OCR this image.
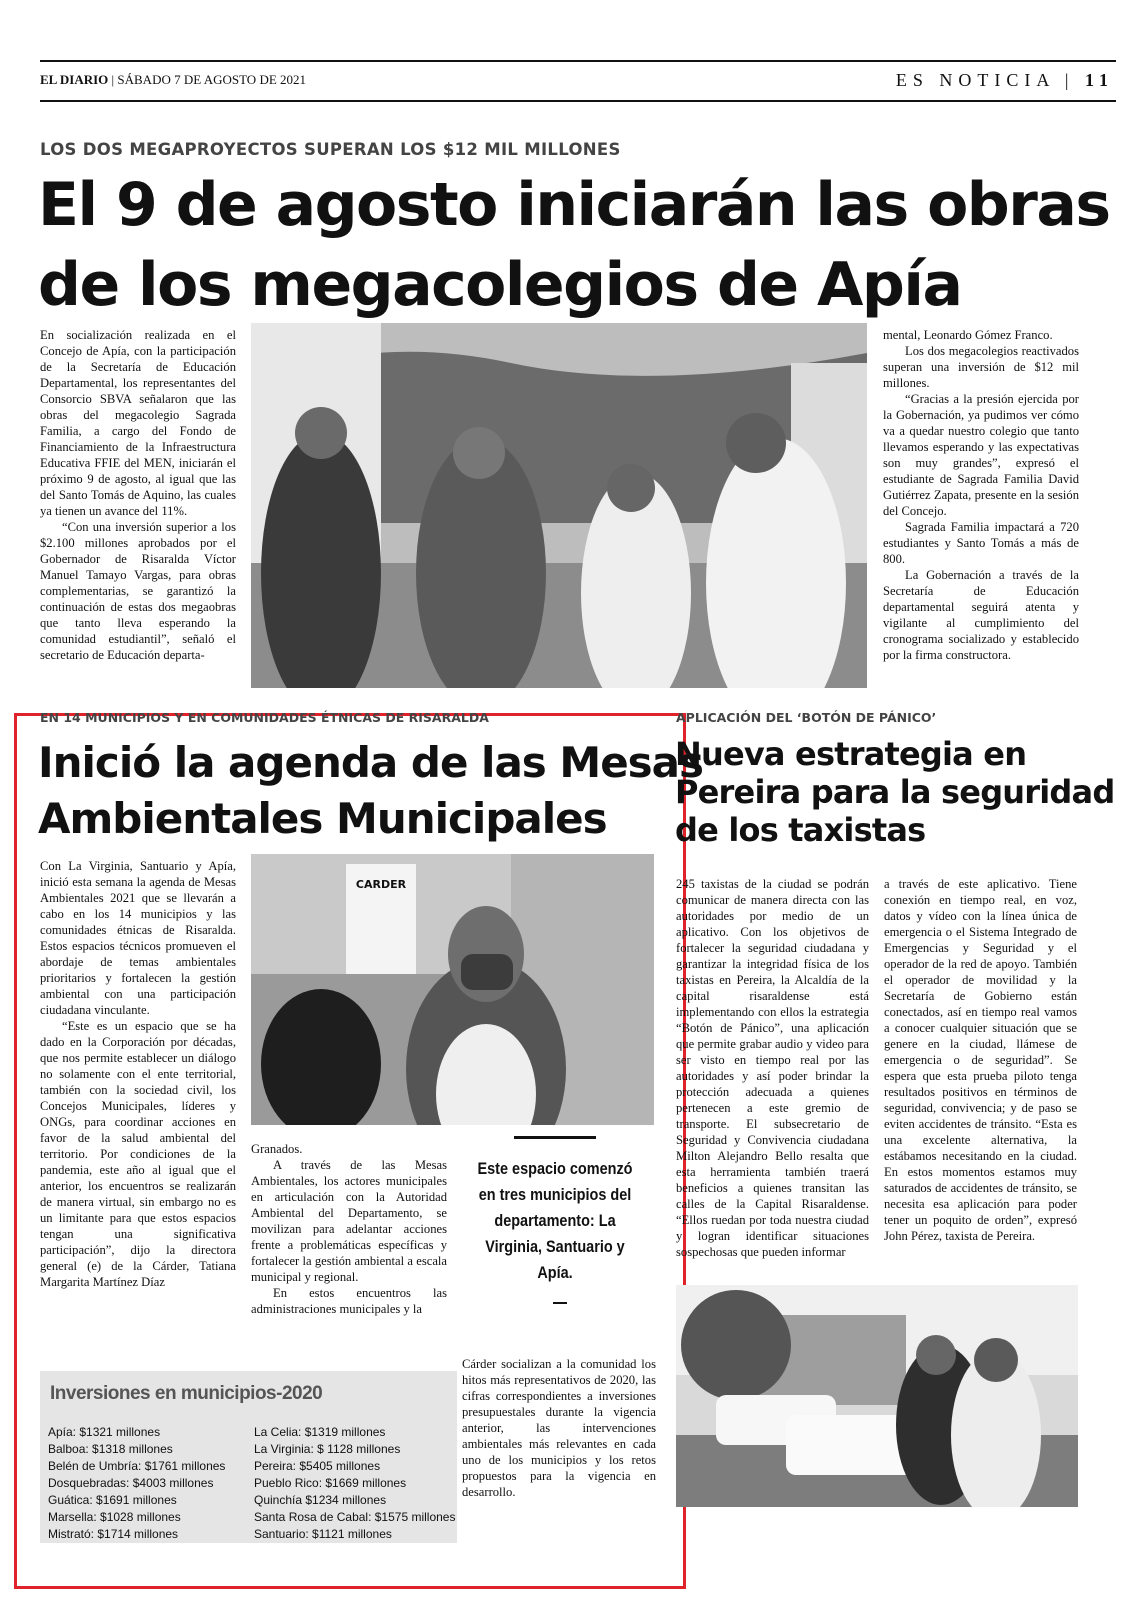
EL DIARIO | SÁBADO 7 DE AGOSTO DE 2021	ES NOTICIA | 11
LOS DOS MEGAPROYECTOS SUPERAN LOS $12 MIL MILLONES
El 9 de agosto iniciarán las obras
de los megacolegios de Apía

En socialización realizada en el Concejo de Apía, con la participación de la Secretaría de Educación Departamental, los representantes del Consorcio SBVA señalaron que las obras del megacolegio Sagrada Familia, a cargo del Fondo de Financiamiento de la Infraestructura Educativa FFIE del MEN, iniciarán el próximo 9 de agosto, al igual que las del Santo Tomás de Aquino, las cuales ya tienen un avance del 11%.

“Con una inversión superior a los $2.100 millones aprobados por el Gobernador de Risaralda Víctor Manuel Tamayo Vargas, para obras complementarias, se garantizó la continuación de estas dos megaobras que tanto lleva esperando la comunidad estudiantil”, señaló el secretario de Educación departa-

mental, Leonardo Gómez Franco.

Los dos megacolegios reactivados superan una inversión de $12 mil millones.

“Gracias a la presión ejercida por la Gobernación, ya pudimos ver cómo va a quedar nuestro colegio que tanto llevamos esperando y las expectativas son muy grandes”, expresó el estudiante de Sagrada Familia David Gutiérrez Zapata, presente en la sesión del Concejo.

Sagrada Familia impactará a 720 estudiantes y Santo Tomás a más de 800.

La Gobernación a través de la Secretaría de Educación departamental seguirá atenta y vigilante al cumplimiento del cronograma socializado y establecido por la firma constructora.

EN 14 MUNICIPIOS Y EN COMUNIDADES ÉTNICAS DE RISARALDA
Inició la agenda de las Mesas
Ambientales Municipales

Con La Virginia, Santuario y Apía, inició esta semana la agenda de Mesas Ambientales 2021 que se llevarán a cabo en los 14 municipios y las comunidades étnicas de Risaralda. Estos espacios técnicos promueven el abordaje de temas ambientales prioritarios y fortalecen la gestión ambiental con una participación ciudadana vinculante.

“Este es un espacio que se ha dado en la Corporación por décadas, que nos permite establecer un diálogo no solamente con el ente territorial, también con la sociedad civil, los Concejos Municipales, líderes y ONGs, para coordinar acciones en favor de la salud ambiental del territorio. Por condiciones de la pandemia, este año al igual que el anterior, los encuentros se realizarán de manera virtual, sin embargo no es un limitante para que estos espacios tengan una significativa participación”, dijo la directora general (e) de la Cárder, Tatiana Margarita Martínez Díaz

CARDER

Granados.

A través de las Mesas Ambientales, los actores municipales en articulación con la Autoridad Ambiental del Departamento, se movilizan para adelantar acciones frente a problemáticas específicas y fortalecer la gestión ambiental a escala municipal y regional.

En estos encuentros las administraciones municipales y la

Este espacio comenzó en tres municipios del departamento: La Virginia, Santuario y Apía.

Cárder socializan a la comunidad los hitos más representativos de 2020, las cifras correspondientes a inversiones presupuestales durante la vigencia anterior, las intervenciones ambientales más relevantes en cada uno de los municipios y los retos propuestos para la vigencia en desarrollo.

Inversiones en municipios-2020
Apía: $1321 millones
Balboa: $1318 millones
Belén de Umbría: $1761 millones
Dosquebradas: $4003 millones
Guática: $1691 millones
Marsella: $1028 millones
Mistrató: $1714 millones
La Celia: $1319 millones
La Virginia: $ 1128 millones
Pereira: $5405 millones
Pueblo Rico: $1669 millones
Quinchía $1234 millones
Santa Rosa de Cabal: $1575 millones
Santuario: $1121 millones
APLICACIÓN DEL ‘BOTÓN DE PÁNICO’
Nueva estrategia en
Pereira para la seguridad
de los taxistas

245 taxistas de la ciudad se podrán comunicar de manera directa con las autoridades por medio de un aplicativo. Con los objetivos de fortalecer la seguridad ciudadana y garantizar la integridad física de los taxistas en Pereira, la Alcaldía de la capital risaraldense está implementando con ellos la estrategia “Botón de Pánico”, una aplicación que permite grabar audio y video para ser visto en tiempo real por las autoridades y así poder brindar la protección adecuada a quienes pertenecen a este gremio de transporte. El subsecretario de Seguridad y Convivencia ciudadana Milton Alejandro Bello resalta que esta herramienta también traerá beneficios a quienes transitan las calles de la Capital Risaraldense. “Ellos ruedan por toda nuestra ciudad y logran identificar situaciones sospechosas que pueden informar

a través de este aplicativo. Tiene conexión en tiempo real, en voz, datos y vídeo con la línea única de emergencia o el Sistema Integrado de Emergencias y Seguridad y el operador de la red de apoyo. También el operador de movilidad y la Secretaría de Gobierno están conectados, así en tiempo real vamos a conocer cualquier situación que se genere en la ciudad, llámese de emergencia o de seguridad”. Se espera que esta prueba piloto tenga resultados positivos en términos de seguridad, convivencia; y de paso se eviten accidentes de tránsito. “Esta es una excelente alternativa, la estábamos necesitando en la ciudad. En estos momentos estamos muy saturados de accidentes de tránsito, se necesita esa aplicación para poder tener un poquito de orden”, expresó John Pérez, taxista de Pereira.
